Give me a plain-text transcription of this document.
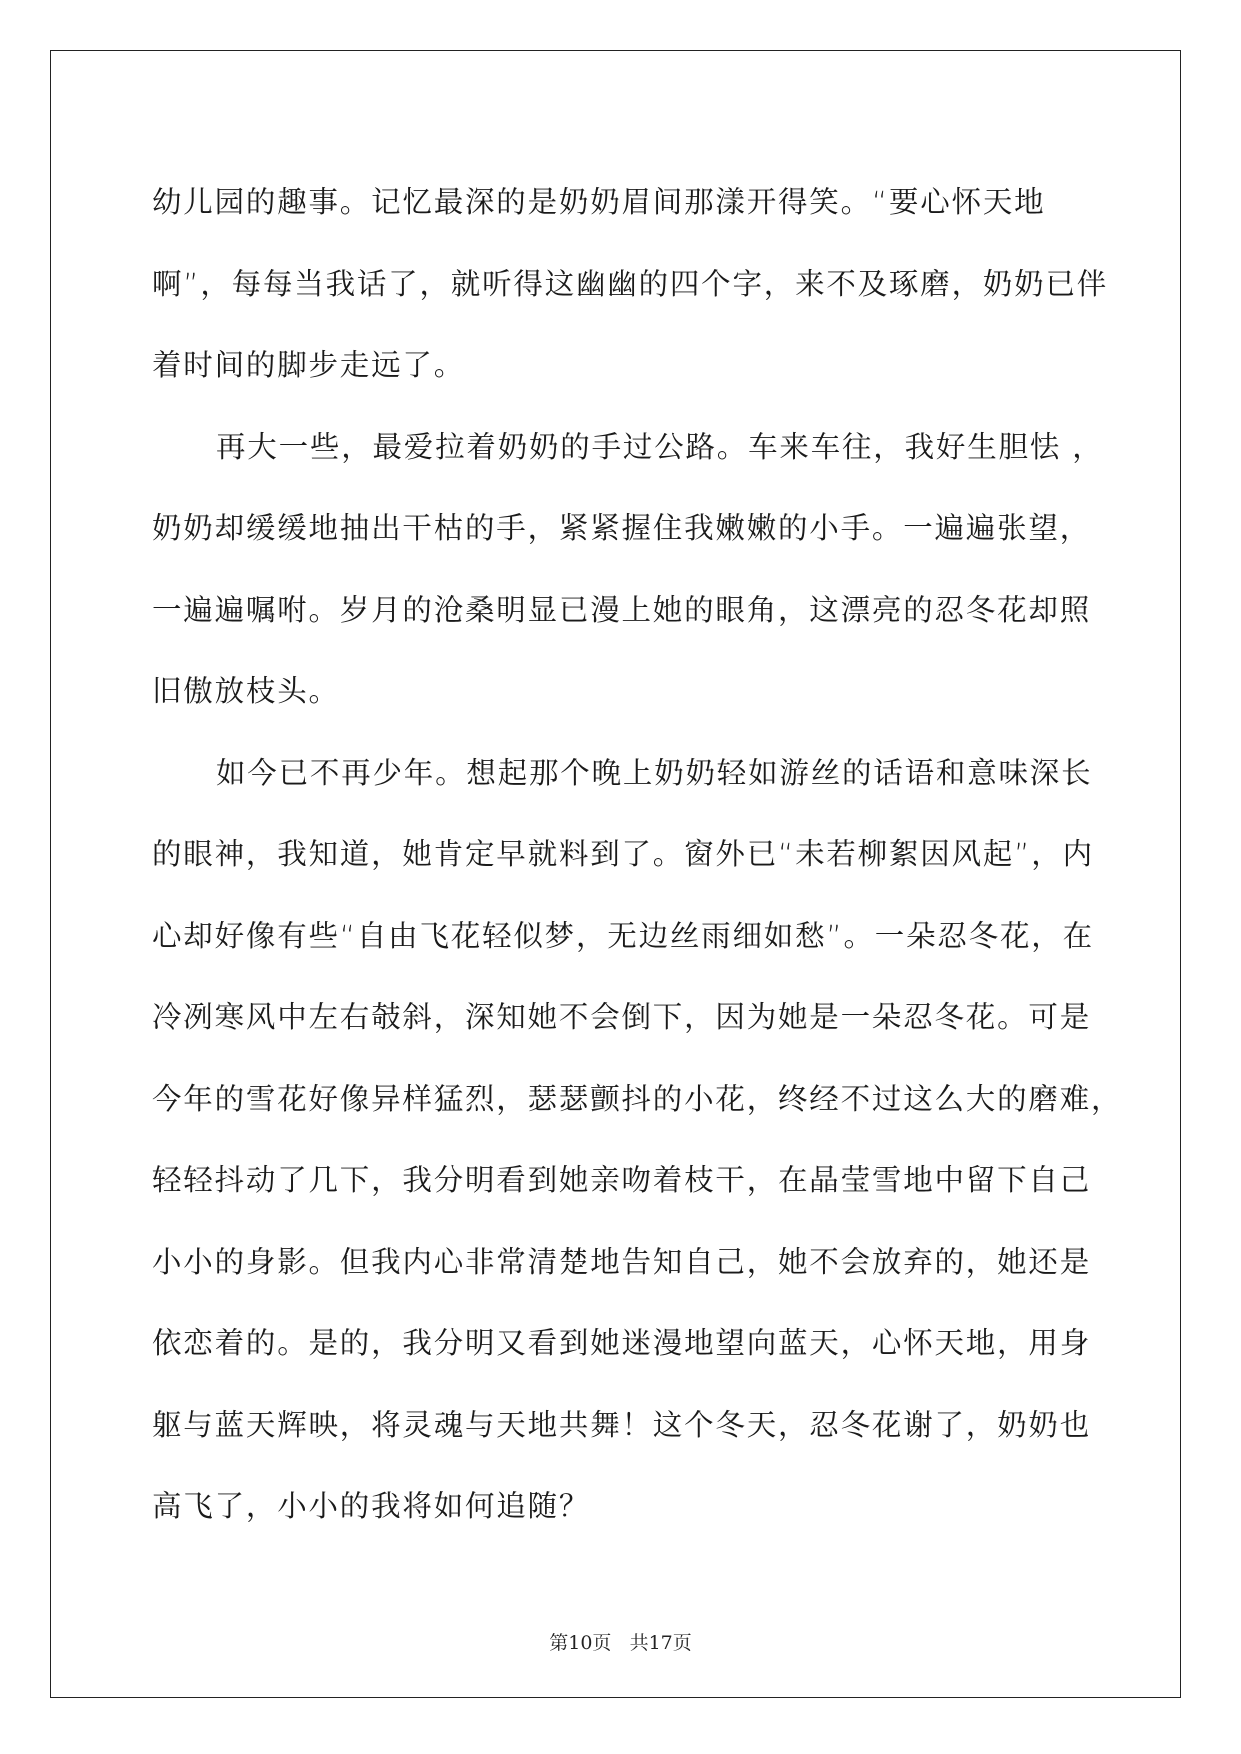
幼儿园的趣事。记忆最深的是奶奶眉间那漾开得笑。“要心怀天地
啊”，每每当我话了，就听得这幽幽的四个字，来不及琢磨，奶奶已伴
着时间的脚步走远了。

再大一些，最爱拉着奶奶的手过公路。车来车往，我好生胆怯 ，
奶奶却缓缓地抽出干枯的手，紧紧握住我嫩嫩的小手。一遍遍张望，
一遍遍嘱咐。岁月的沧桑明显已漫上她的眼角，这漂亮的忍冬花却照
旧傲放枝头。

如今已不再少年。想起那个晚上奶奶轻如游丝的话语和意味深长
的眼神，我知道，她肯定早就料到了。窗外已“未若柳絮因风起”，内
心却好像有些“自由飞花轻似梦，无边丝雨细如愁”。一朵忍冬花，在
冷冽寒风中左右攲斜，深知她不会倒下，因为她是一朵忍冬花。可是
今年的雪花好像异样猛烈，瑟瑟颤抖的小花，终经不过这么大的磨难，
轻轻抖动了几下，我分明看到她亲吻着枝干，在晶莹雪地中留下自己
小小的身影。但我内心非常清楚地告知自己，她不会放弃的，她还是
依恋着的。是的，我分明又看到她迷漫地望向蓝天，心怀天地，用身
躯与蓝天辉映，将灵魂与天地共舞！这个冬天，忍冬花谢了，奶奶也
高飞了，小小的我将如何追随？

第10页 共17页
